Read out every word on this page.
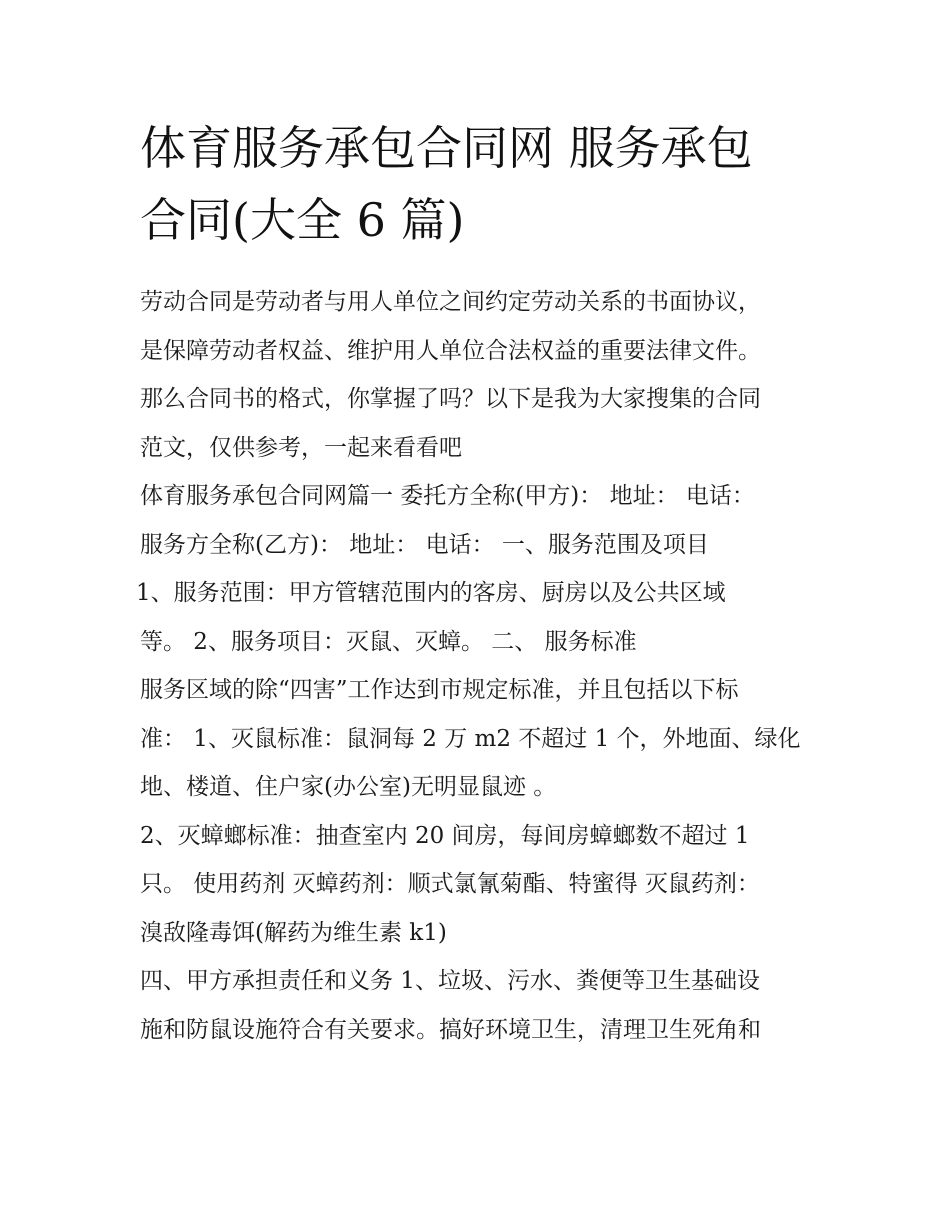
体育服务承包合同网 服务承包
合同(大全 6 篇)
劳动合同是劳动者与用人单位之间约定劳动关系的书面协议，
是保障劳动者权益、维护用人单位合法权益的重要法律文件。
那么合同书的格式，你掌握了吗？以下是我为大家搜集的合同
范文，仅供参考，一起来看看吧
体育服务承包合同网篇一 委托方全称(甲方)： 地址： 电话：
服务方全称(乙方)： 地址： 电话： 一、服务范围及项目
1、服务范围：甲方管辖范围内的客房、厨房以及公共区域
等。 2、服务项目：灭鼠、灭蟑。 二、 服务标准
服务区域的除“四害”工作达到市规定标准，并且包括以下标
准： 1、灭鼠标准：鼠洞每 2 万 m2 不超过 1 个，外地面、绿化
地、楼道、住户家(办公室)无明显鼠迹 。
2、灭蟑螂标准：抽查室内 20 间房，每间房蟑螂数不超过 1
只。 使用药剂 灭蟑药剂：顺式氯氰菊酯、特蜜得 灭鼠药剂：
溴敌隆毒饵(解药为维生素 k1)
四、甲方承担责任和义务 1、垃圾、污水、粪便等卫生基础设
施和防鼠设施符合有关要求。搞好环境卫生，清理卫生死角和
